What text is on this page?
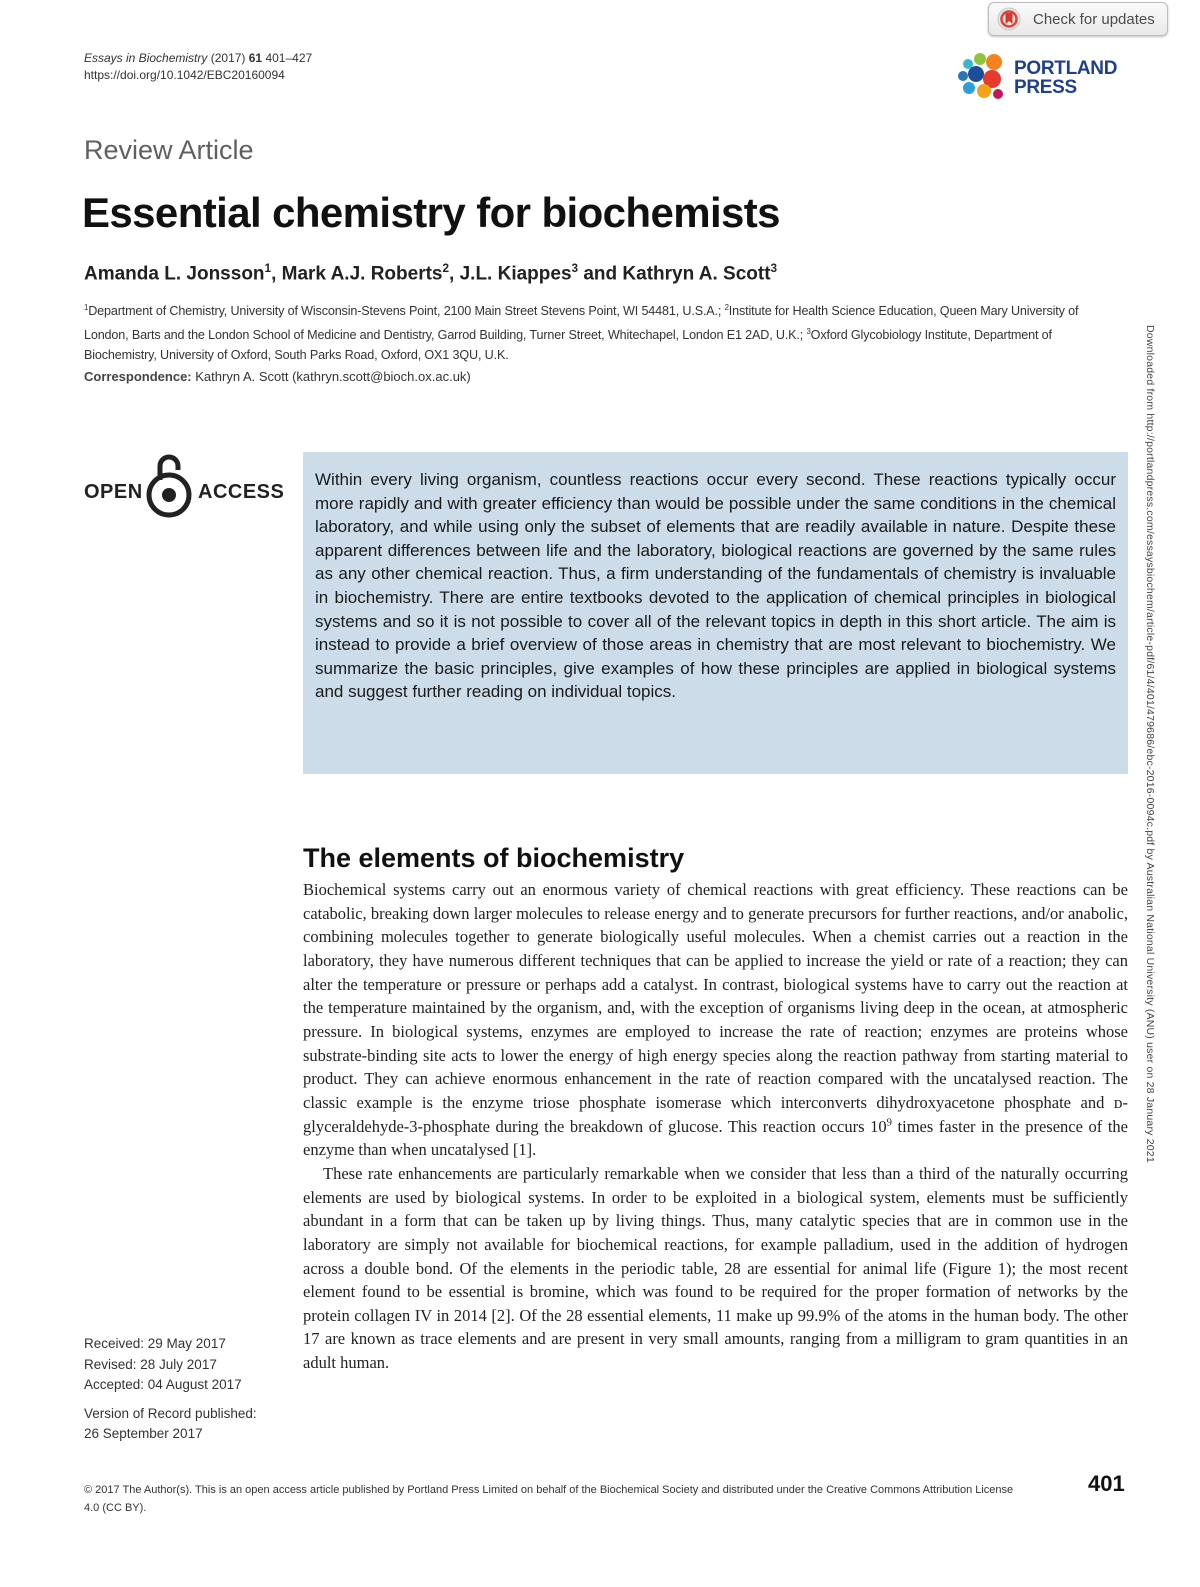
Check for updates
Essays in Biochemistry (2017) 61 401–427
https://doi.org/10.1042/EBC20160094	PORTLAND
PRESS
Review Article
Essential chemistry for biochemists
Amanda L. Jonsson$^1$, Mark A.J. Roberts$^2$, J.L. Kiappes$^3$ and Kathryn A. Scott$^3$
$^1$Department of Chemistry, University of Wisconsin-Stevens Point, 2100 Main Street Stevens Point, WI 54481, U.S.A.; $^2$Institute for Health Science Education, Queen Mary University of London, Barts and the London School of Medicine and Dentistry, Garrod Building, Turner Street, Whitechapel, London E1 2AD, U.K.; $^3$Oxford Glycobiology Institute, Department of Biochemistry, University of Oxford, South Parks Road, Oxford, OX1 3QU, U.K.
Correspondence: Kathryn A. Scott (kathryn.scott@bioch.ox.ac.uk)
OPEN	ACCESS
Within every living organism, countless reactions occur every second. These reactions typically occur more rapidly and with greater efficiency than would be possible under the same conditions in the chemical laboratory, and while using only the subset of elements that are readily available in nature. Despite these apparent differences between life and the laboratory, biological reactions are governed by the same rules as any other chemical reaction. Thus, a firm understanding of the fundamentals of chemistry is invaluable in biochemistry. There are entire textbooks devoted to the application of chemical principles in biological systems and so it is not possible to cover all of the relevant topics in depth in this short article. The aim is instead to provide a brief overview of those areas in chemistry that are most relevant to biochemistry. We summarize the basic principles, give examples of how these principles are applied in biological systems and suggest further reading on individual topics.
The elements of biochemistry

Biochemical systems carry out an enormous variety of chemical reactions with great efficiency. These reactions can be catabolic, breaking down larger molecules to release energy and to generate precursors for further reactions, and/or anabolic, combining molecules together to generate biologically useful molecules. When a chemist carries out a reaction in the laboratory, they have numerous different techniques that can be applied to increase the yield or rate of a reaction; they can alter the temperature or pressure or perhaps add a catalyst. In contrast, biological systems have to carry out the reaction at the temperature maintained by the organism, and, with the exception of organisms living deep in the ocean, at atmospheric pressure. In biological systems, enzymes are employed to increase the rate of reaction; enzymes are proteins whose substrate-binding site acts to lower the energy of high energy species along the reaction pathway from starting material to product. They can achieve enormous enhancement in the rate of reaction compared with the uncatalysed reaction. The classic example is the enzyme triose phosphate isomerase which interconverts dihydroxyacetone phosphate and ᴅ-glyceraldehyde-3-phosphate during the breakdown of glucose. This reaction occurs $10^9$ times faster in the presence of the enzyme than when uncatalysed [1].

These rate enhancements are particularly remarkable when we consider that less than a third of the naturally occurring elements are used by biological systems. In order to be exploited in a biological system, elements must be sufficiently abundant in a form that can be taken up by living things. Thus, many catalytic species that are in common use in the laboratory are simply not available for biochemical reactions, for example palladium, used in the addition of hydrogen across a double bond. Of the elements in the periodic table, 28 are essential for animal life (Figure 1); the most recent element found to be essential is bromine, which was found to be required for the proper formation of networks by the protein collagen IV in 2014 [2]. Of the 28 essential elements, 11 make up 99.9% of the atoms in the human body. The other 17 are known as trace elements and are present in very small amounts, ranging from a milligram to gram quantities in an adult human.

Downloaded from http://portlandpress.com/essaysbiochem/article-pdf/61/4/401/479686/ebc-2016-0094c.pdf by Australian National University (ANU) user on 28 January 2021
Received: 29 May 2017
Revised: 28 July 2017
Accepted: 04 August 2017
Version of Record published:
26 September 2017
© 2017 The Author(s). This is an open access article published by Portland Press Limited on behalf of the Biochemical Society and distributed under the Creative Commons Attribution License 4.0 (CC BY).
401
